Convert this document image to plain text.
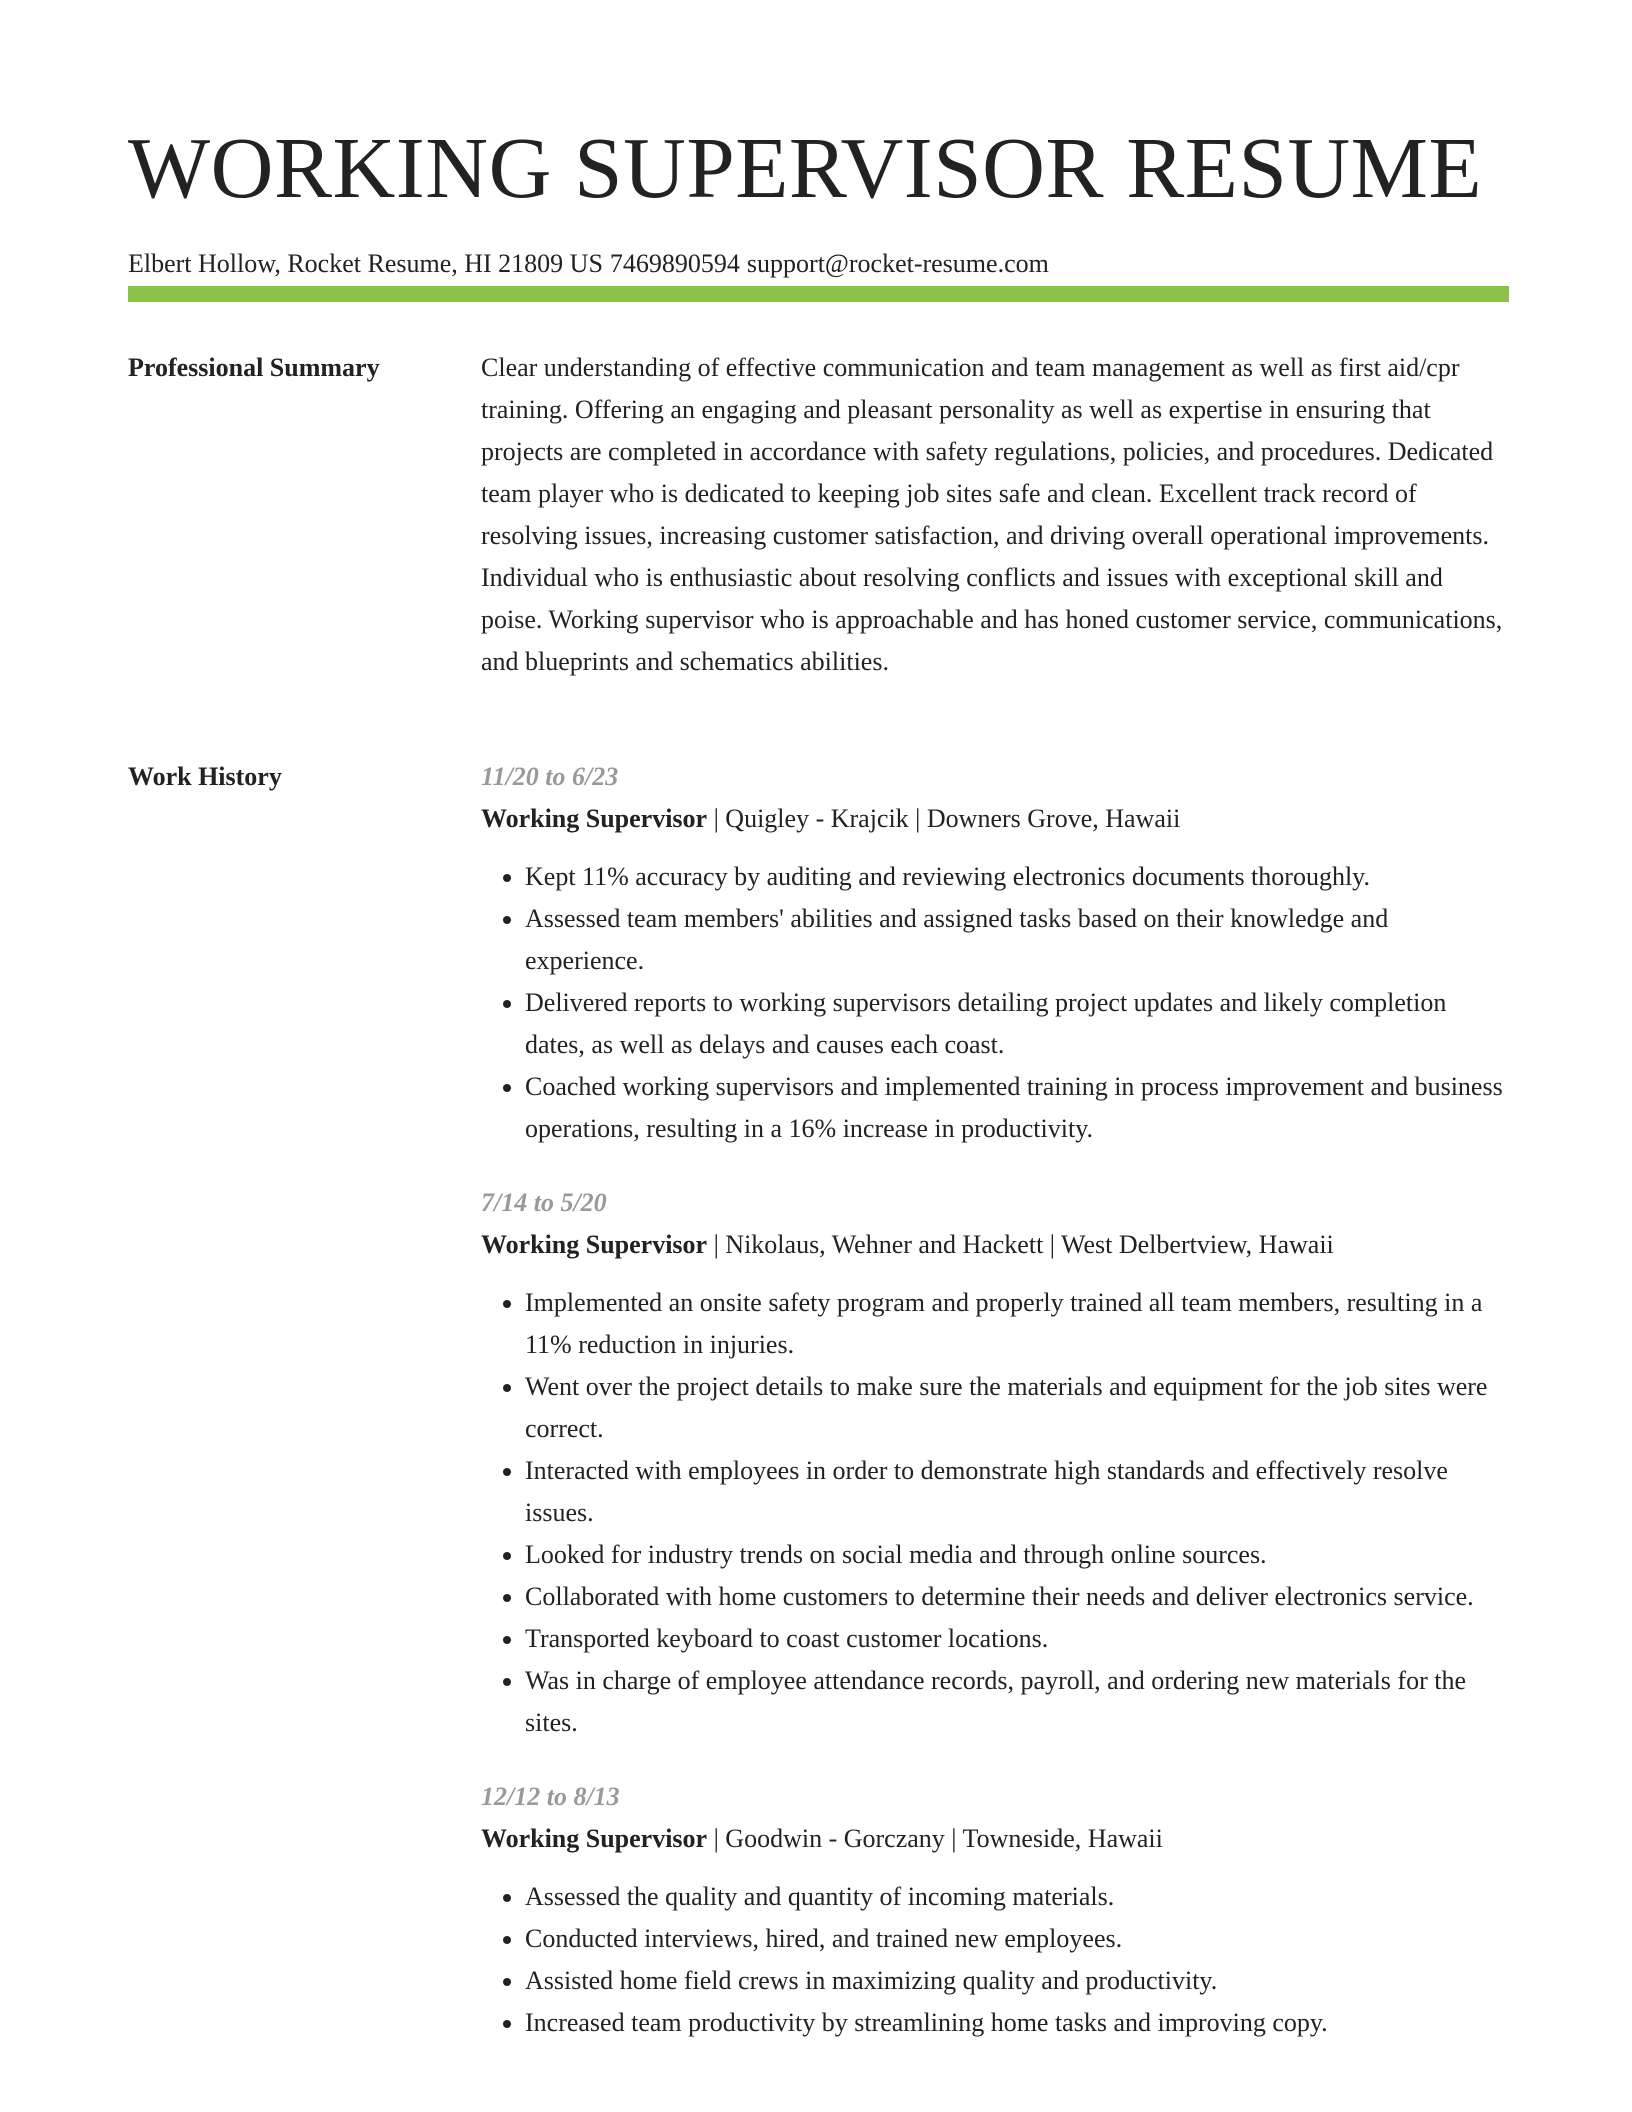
WORKING SUPERVISOR RESUME
Elbert Hollow, Rocket Resume, HI 21809 US 7469890594 support@rocket-resume.com
Professional Summary	Clear understanding of effective communication and team management as well as first aid/cpr training. Offering an engaging and pleasant personality as well as expertise in ensuring that projects are completed in accordance with safety regulations, policies, and procedures. Dedicated team player who is dedicated to keeping job sites safe and clean. Excellent track record of resolving issues, increasing customer satisfaction, and driving overall operational improvements. Individual who is enthusiastic about resolving conflicts and issues with exceptional skill and poise. Working supervisor who is approachable and has honed customer service, communications, and blueprints and schematics abilities.

Work History	11/20 to 6/23
Working Supervisor | Quigley - Krajcik | Downers Grove, Hawaii
• Kept 11% accuracy by auditing and reviewing electronics documents thoroughly.
• Assessed team members' abilities and assigned tasks based on their knowledge and experience.
• Delivered reports to working supervisors detailing project updates and likely completion dates, as well as delays and causes each coast.
• Coached working supervisors and implemented training in process improvement and business operations, resulting in a 16% increase in productivity.
7/14 to 5/20
Working Supervisor | Nikolaus, Wehner and Hackett | West Delbertview, Hawaii
• Implemented an onsite safety program and properly trained all team members, resulting in a 11% reduction in injuries.
• Went over the project details to make sure the materials and equipment for the job sites were correct.
• Interacted with employees in order to demonstrate high standards and effectively resolve issues.
• Looked for industry trends on social media and through online sources.
• Collaborated with home customers to determine their needs and deliver electronics service.
• Transported keyboard to coast customer locations.
• Was in charge of employee attendance records, payroll, and ordering new materials for the sites.
12/12 to 8/13
Working Supervisor | Goodwin - Gorczany | Towneside, Hawaii
• Assessed the quality and quantity of incoming materials.
• Conducted interviews, hired, and trained new employees.
• Assisted home field crews in maximizing quality and productivity.
• Increased team productivity by streamlining home tasks and improving copy.
